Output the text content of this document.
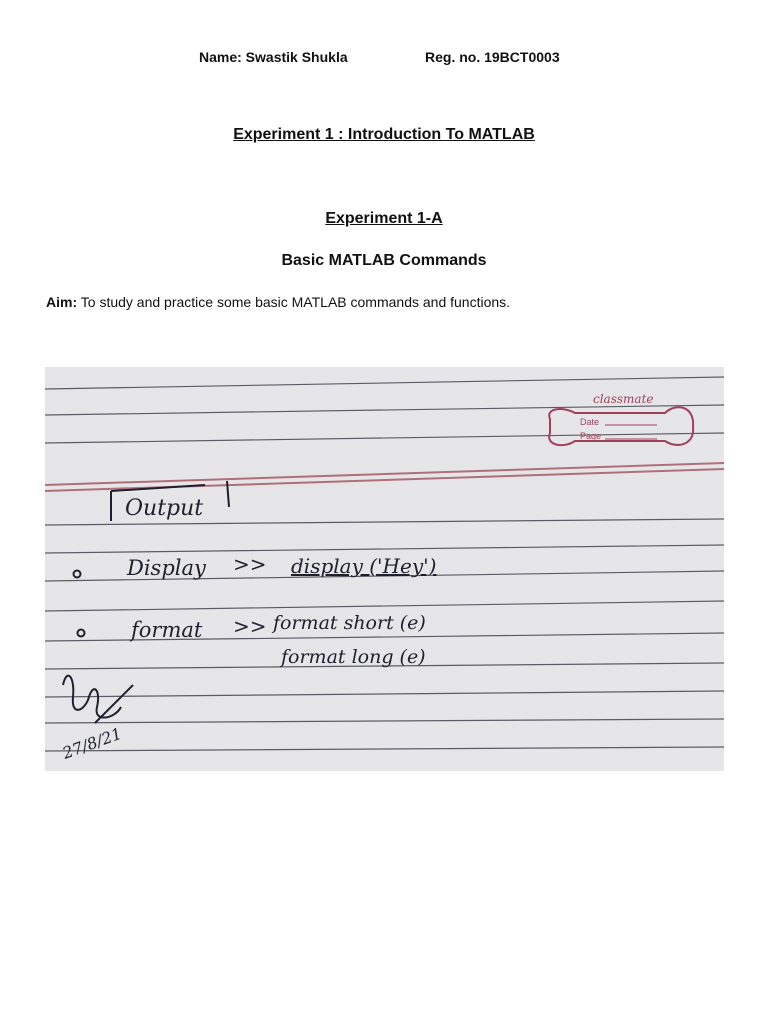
Name: Swastik Shukla	Reg. no. 19BCT0003
Experiment 1 : Introduction To MATLAB
Experiment 1-A
Basic MATLAB Commands
Aim: To study and practice some basic MATLAB commands and functions.
classmate
Date
Page
Output
Display >> display ('Hey')
format >> format short (e)
format long (e)
27/8/21
